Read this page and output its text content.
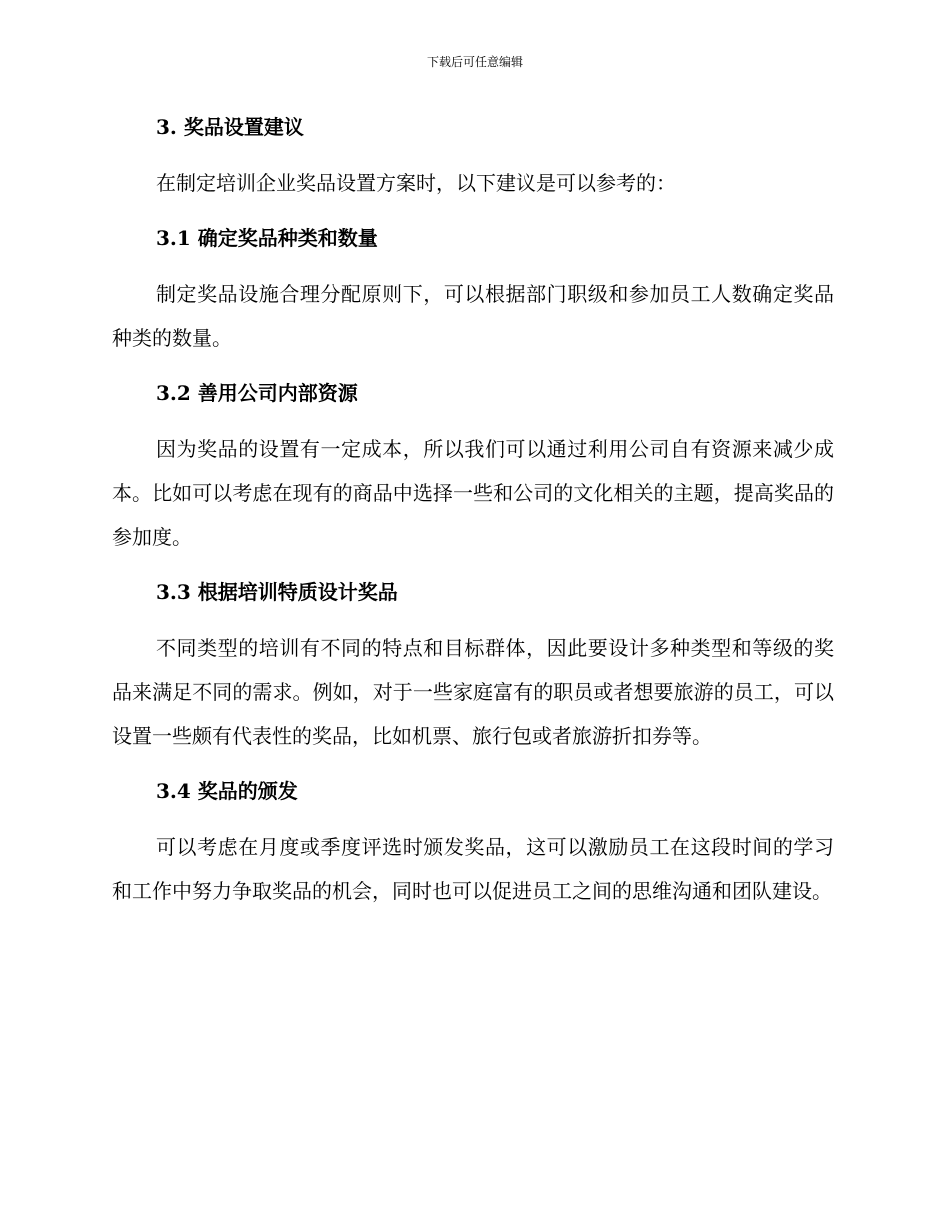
下载后可任意编辑
3. 奖品设置建议

在制定培训企业奖品设置方案时，以下建议是可以参考的：

3.1 确定奖品种类和数量

制定奖品设施合理分配原则下，可以根据部门职级和参加员工人数确定奖品种类的数量。

3.2 善用公司内部资源

因为奖品的设置有一定成本，所以我们可以通过利用公司自有资源来减少成本。比如可以考虑在现有的商品中选择一些和公司的文化相关的主题，提高奖品的参加度。

3.3 根据培训特质设计奖品

不同类型的培训有不同的特点和目标群体，因此要设计多种类型和等级的奖品来满足不同的需求。例如，对于一些家庭富有的职员或者想要旅游的员工，可以设置一些颇有代表性的奖品，比如机票、旅行包或者旅游折扣券等。

3.4 奖品的颁发

可以考虑在月度或季度评选时颁发奖品，这可以激励员工在这段时间的学习和工作中努力争取奖品的机会，同时也可以促进员工之间的思维沟通和团队建设。
